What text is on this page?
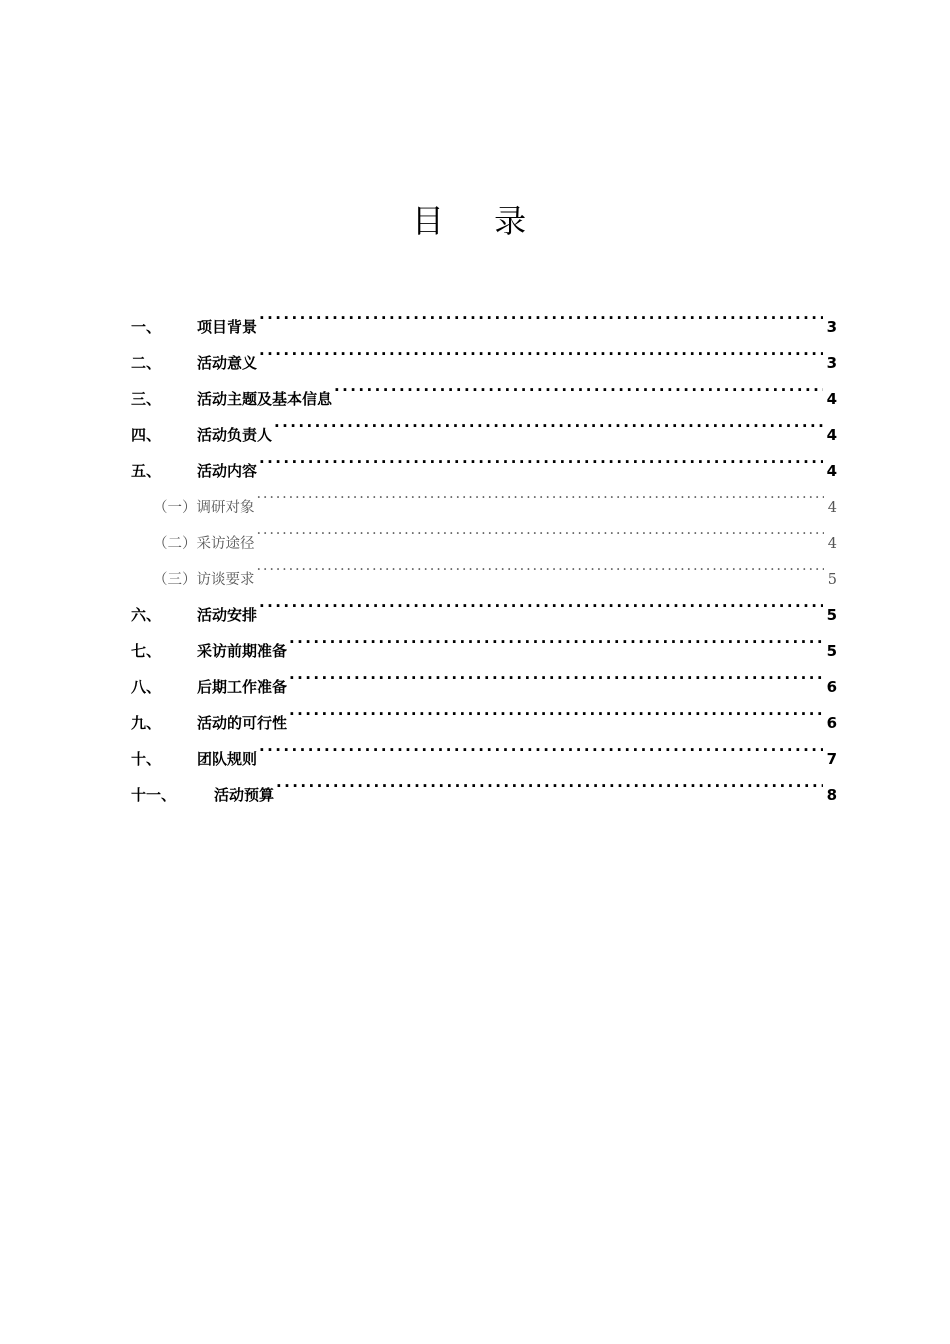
目 录
一、	项目背景 . . .	3
二、	活动意义 . . .	3
三、	活动主题及基本信息 . . .	4
四、	活动负责人 . . .	4
五、	活动内容 . . .	4
（一） 调研对象 . . .	4
（二） 采访途径 . . .	4
（三） 访谈要求 . . .	5
六、	活动安排 . . .	5
七、	采访前期准备 . . .	5
八、	后期工作准备 . . .	6
九、	活动的可行性 . . .	6
十、	团队规则 . . .	7
十一、	活动预算 . . .	8
